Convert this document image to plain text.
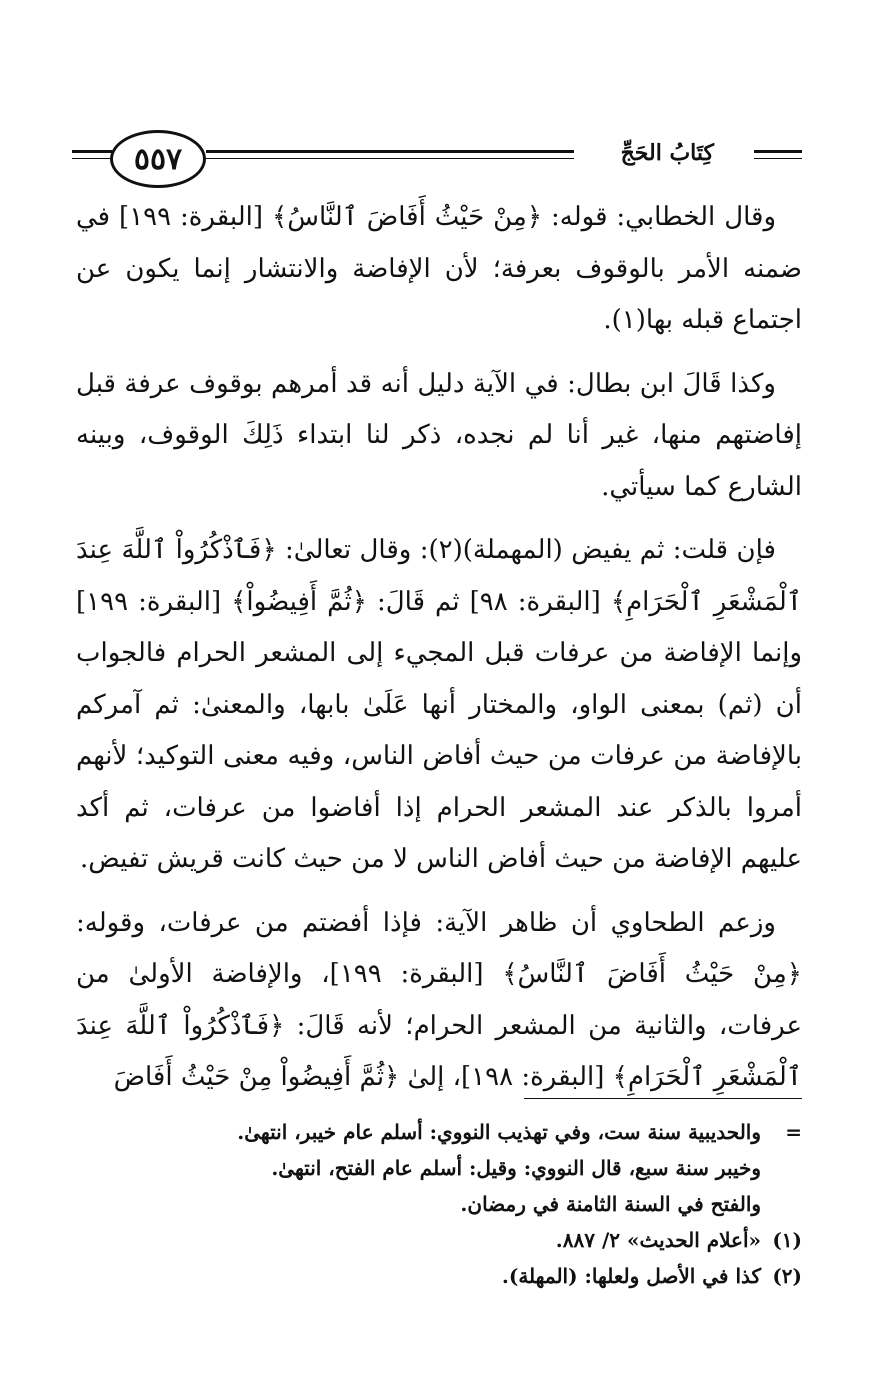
٥٥٧	كِتَابُ الحَجِّ

وقال الخطابي: قوله: ﴿مِنْ حَيْثُ أَفَاضَ ٱلنَّاسُ﴾ [البقرة: ١٩٩] في ضمنه الأمر بالوقوف بعرفة؛ لأن الإفاضة والانتشار إنما يكون عن اجتماع قبله بها(١).

وكذا قَالَ ابن بطال: في الآية دليل أنه قد أمرهم بوقوف عرفة قبل إفاضتهم منها، غير أنا لم نجده، ذكر لنا ابتداء ذَلِكَ الوقوف، وبينه الشارع كما سيأتي.

فإن قلت: ثم يفيض (المهملة)(٢): وقال تعالىٰ: ﴿فَٱذْكُرُواْ ٱللَّهَ عِندَ ٱلْمَشْعَرِ ٱلْحَرَامِ﴾ [البقرة: ٩٨] ثم قَالَ: ﴿ثُمَّ أَفِيضُواْ﴾ [البقرة: ١٩٩] وإنما الإفاضة من عرفات قبل المجيء إلى المشعر الحرام فالجواب أن (ثم) بمعنى الواو، والمختار أنها عَلَىٰ بابها، والمعنىٰ: ثم آمركم بالإفاضة من عرفات من حيث أفاض الناس، وفيه معنى التوكيد؛ لأنهم أمروا بالذكر عند المشعر الحرام إذا أفاضوا من عرفات، ثم أكد عليهم الإفاضة من حيث أفاض الناس لا من حيث كانت قريش تفيض.

وزعم الطحاوي أن ظاهر الآية: فإذا أفضتم من عرفات، وقوله: ﴿مِنْ حَيْثُ أَفَاضَ ٱلنَّاسُ﴾ [البقرة: ١٩٩]، والإفاضة الأولىٰ من عرفات، والثانية من المشعر الحرام؛ لأنه قَالَ: ﴿فَٱذْكُرُواْ ٱللَّهَ عِندَ ٱلْمَشْعَرِ ٱلْحَرَامِ﴾ [البقرة: ١٩٨]، إلىٰ ﴿ثُمَّ أَفِيضُواْ مِنْ حَيْثُ أَفَاضَ

= والحديبية سنة ست، وفي تهذيب النووي: أسلم عام خيبر، انتهىٰ.
وخيبر سنة سبع، قال النووي: وقيل: أسلم عام الفتح، انتهىٰ.
والفتح في السنة الثامنة في رمضان.
(١) «أعلام الحديث» ٢/ ٨٨٧.
(٢) كذا في الأصل ولعلها: (المهلة).
